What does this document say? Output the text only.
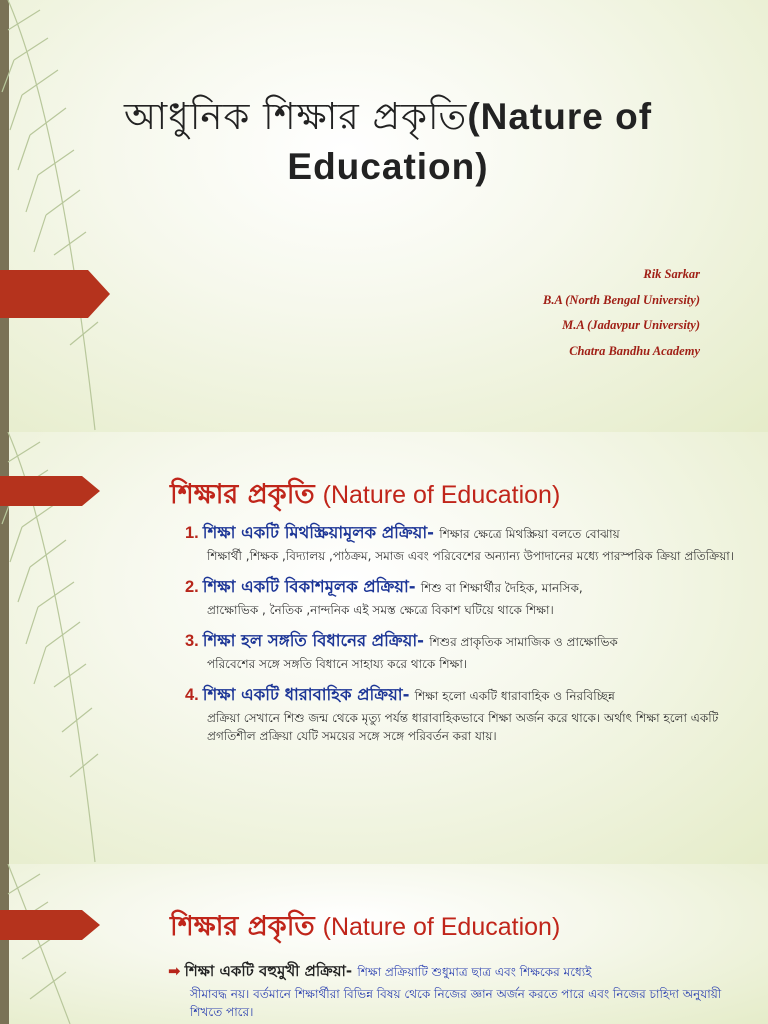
আধুনিক শিক্ষার প্রকৃতি(Nature of Education)
Rik Sarkar
B.A (North Bengal University)
M.A (Jadavpur University)
Chatra Bandhu Academy
শিক্ষার প্রকৃতি (Nature of Education)
1. শিক্ষা একটি মিথস্ক্রিয়ামূলক প্রক্রিয়া- শিক্ষার ক্ষেত্রে মিথস্ক্রিয়া বলতে বোঝায়
শিক্ষার্থী ,শিক্ষক ,বিদ্যালয় ,পাঠক্রম, সমাজ এবং পরিবেশের অন্যান্য উপাদানের মধ্যে পারস্পরিক ক্রিয়া প্রতিক্রিয়া।
2. শিক্ষা একটি বিকাশমূলক প্রক্রিয়া- শিশু বা শিক্ষার্থীর দৈহিক, মানসিক,
প্রাক্ষোভিক , নৈতিক ,নান্দনিক এই সমস্ত ক্ষেত্রে বিকাশ ঘটিয়ে থাকে শিক্ষা।
3. শিক্ষা হল সঙ্গতি বিধানের প্রক্রিয়া- শিশুর প্রাকৃতিক সামাজিক ও প্রাক্ষোভিক
পরিবেশের সঙ্গে সঙ্গতি বিধানে সাহায্য করে থাকে শিক্ষা।
4. শিক্ষা একটি ধারাবাহিক প্রক্রিয়া- শিক্ষা হলো একটি ধারাবাহিক ও নিরবিচ্ছিন্ন
প্রক্রিয়া সেখানে শিশু জন্ম থেকে মৃত্যু পর্যন্ত ধারাবাহিকভাবে শিক্ষা অর্জন করে থাকে। অর্থাৎ শিক্ষা হলো একটি প্রগতিশীল প্রক্রিয়া যেটি সময়ের সঙ্গে সঙ্গে পরিবর্তন করা যায়।
শিক্ষার প্রকৃতি (Nature of Education)
➡ শিক্ষা একটি বহুমুখী প্রক্রিয়া- শিক্ষা প্রক্রিয়াটি শুধুমাত্র ছাত্র এবং শিক্ষকের মধ্যেই
সীমাবদ্ধ নয়। বর্তমানে শিক্ষার্থীরা বিভিন্ন বিষয় থেকে নিজের জ্ঞান অর্জন করতে পারে এবং নিজের চাহিদা অনুযায়ী শিখতে পারে।
